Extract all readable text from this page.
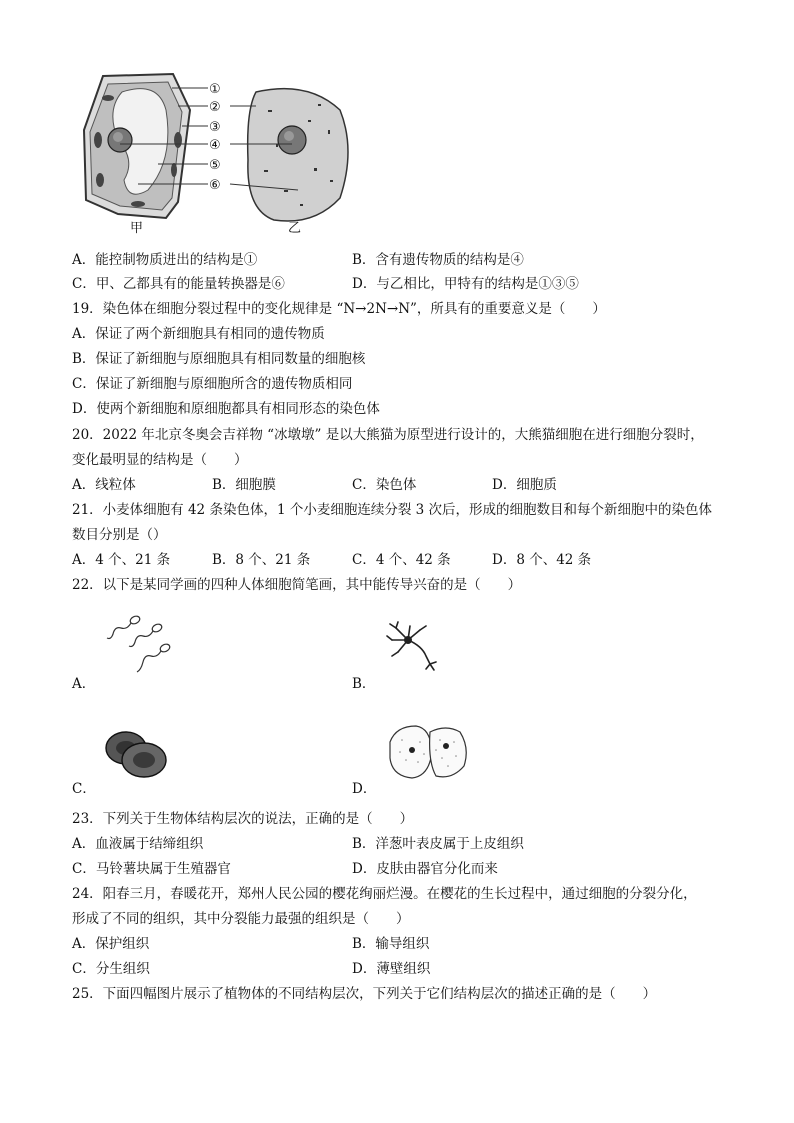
①
②
③
④
⑤
⑥
甲	乙
A．能控制物质进出的结构是①	B．含有遗传物质的结构是④
C．甲、乙都具有的能量转换器是⑥	D．与乙相比，甲特有的结构是①③⑤
19．染色体在细胞分裂过程中的变化规律是 “N→2N→N”，所具有的重要意义是（　　）
A．保证了两个新细胞具有相同的遗传物质
B．保证了新细胞与原细胞具有相同数量的细胞核
C．保证了新细胞与原细胞所含的遗传物质相同
D．使两个新细胞和原细胞都具有相同形态的染色体
20．2022 年北京冬奥会吉祥物 “冰墩墩” 是以大熊猫为原型进行设计的，大熊猫细胞在进行细胞分裂时，
变化最明显的结构是（　　）
A．线粒体	B．细胞膜	C．染色体	D．细胞质
21．小麦体细胞有 42 条染色体，1 个小麦细胞连续分裂 3 次后，形成的细胞数目和每个新细胞中的染色体
数目分别是（）
A．4 个、21 条	B．8 个、21 条	C．4 个、42 条	D．8 个、42 条
22．以下是某同学画的四种人体细胞简笔画，其中能传导兴奋的是（　　）
A．	B．
C．	D．
23．下列关于生物体结构层次的说法，正确的是（　　）
A．血液属于结缔组织	B．洋葱叶表皮属于上皮组织
C．马铃薯块属于生殖器官	D．皮肤由器官分化而来
24．阳春三月，春暖花开，郑州人民公园的樱花绚丽烂漫。在樱花的生长过程中，通过细胞的分裂分化，
形成了不同的组织，其中分裂能力最强的组织是（　　）
A．保护组织	B．输导组织
C．分生组织	D．薄壁组织
25．下面四幅图片展示了植物体的不同结构层次，下列关于它们结构层次的描述正确的是（　　）
